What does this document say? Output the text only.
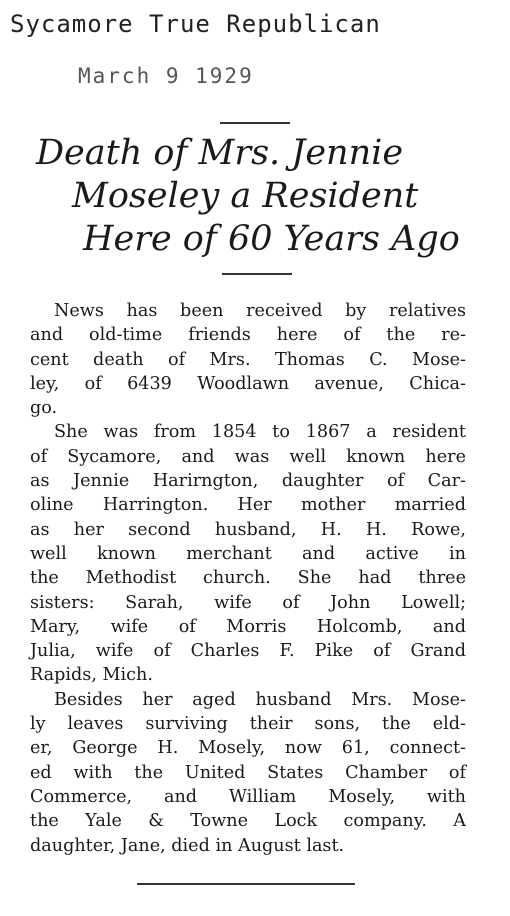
Sycamore True Republican
March 9 1929
Death of Mrs. Jennie
Moseley a Resident
Here of 60 Years Ago
News has been received by relatives
and old-time friends here of the re-
cent death of Mrs. Thomas C. Mose-
ley, of 6439 Woodlawn avenue, Chica-
go.
She was from 1854 to 1867 a resident
of Sycamore, and was well known here
as Jennie Harirngton, daughter of Car-
oline Harrington. Her mother married
as her second husband, H. H. Rowe,
well known merchant and active in
the Methodist church. She had three
sisters: Sarah, wife of John Lowell;
Mary, wife of Morris Holcomb, and
Julia, wife of Charles F. Pike of Grand
Rapids, Mich.
Besides her aged husband Mrs. Mose-
ly leaves surviving their sons, the eld-
er, George H. Mosely, now 61, connect-
ed with the United States Chamber of
Commerce, and William Mosely, with
the Yale & Towne Lock company. A
daughter, Jane, died in August last.
